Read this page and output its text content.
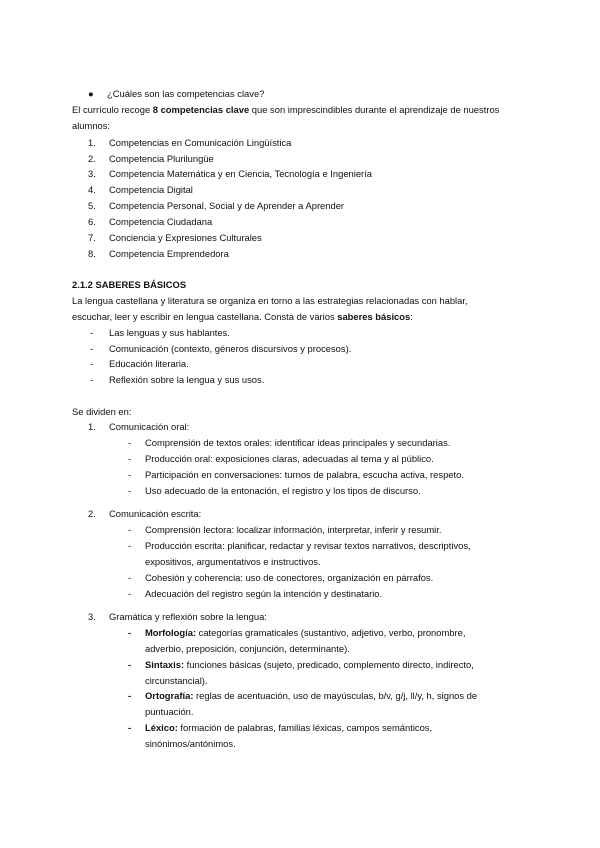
● ¿Cuáles son las competencias clave?
El currículo recoge 8 competencias clave que son imprescindibles durante el aprendizaje de nuestros
alumnos:
1. Competencias en Comunicación Lingüística
2. Competencia Plurilungüe
3. Competencia Matemática y en Ciencia, Tecnología e Ingeniería
4. Competencia Digital
5. Competencia Personal, Social y de Aprender a Aprender
6. Competencia Ciudadana
7. Conciencia y Expresiones Culturales
8. Competencia Emprendedora
2.1.2 SABERES BÁSICOS
La lengua castellana y literatura se organiza en torno a las estrategias relacionadas con hablar,
escuchar, leer y escribir en lengua castellana. Consta de varios saberes básicos:
- Las lenguas y sus hablantes.
- Comunicación (contexto, géneros discursivos y procesos).
- Educación literaria.
- Reflexión sobre la lengua y sus usos.
Se dividen en:
1. Comunicación oral:
- Comprensión de textos orales: identificar ideas principales y secundarias.
- Producción oral: exposiciones claras, adecuadas al tema y al público.
- Participación en conversaciones: turnos de palabra, escucha activa, respeto.
- Uso adecuado de la entonación, el registro y los tipos de discurso.
2. Comunicación escrita:
- Comprensión lectora: localizar información, interpretar, inferir y resumir.
- Producción escrita: planificar, redactar y revisar textos narrativos, descriptivos,
expositivos, argumentativos e instructivos.
- Cohesión y coherencia: uso de conectores, organización en párrafos.
- Adecuación del registro según la intención y destinatario.
3. Gramática y reflexión sobre la lengua:
- Morfología: categorías gramaticales (sustantivo, adjetivo, verbo, pronombre,
adverbio, preposición, conjunción, determinante).
- Sintaxis: funciones básicas (sujeto, predicado, complemento directo, indirecto,
circunstancial).
- Ortografía: reglas de acentuación, uso de mayúsculas, b/v, g/j, ll/y, h, signos de
puntuación.
- Léxico: formación de palabras, familias léxicas, campos semánticos,
sinónimos/antónimos.
